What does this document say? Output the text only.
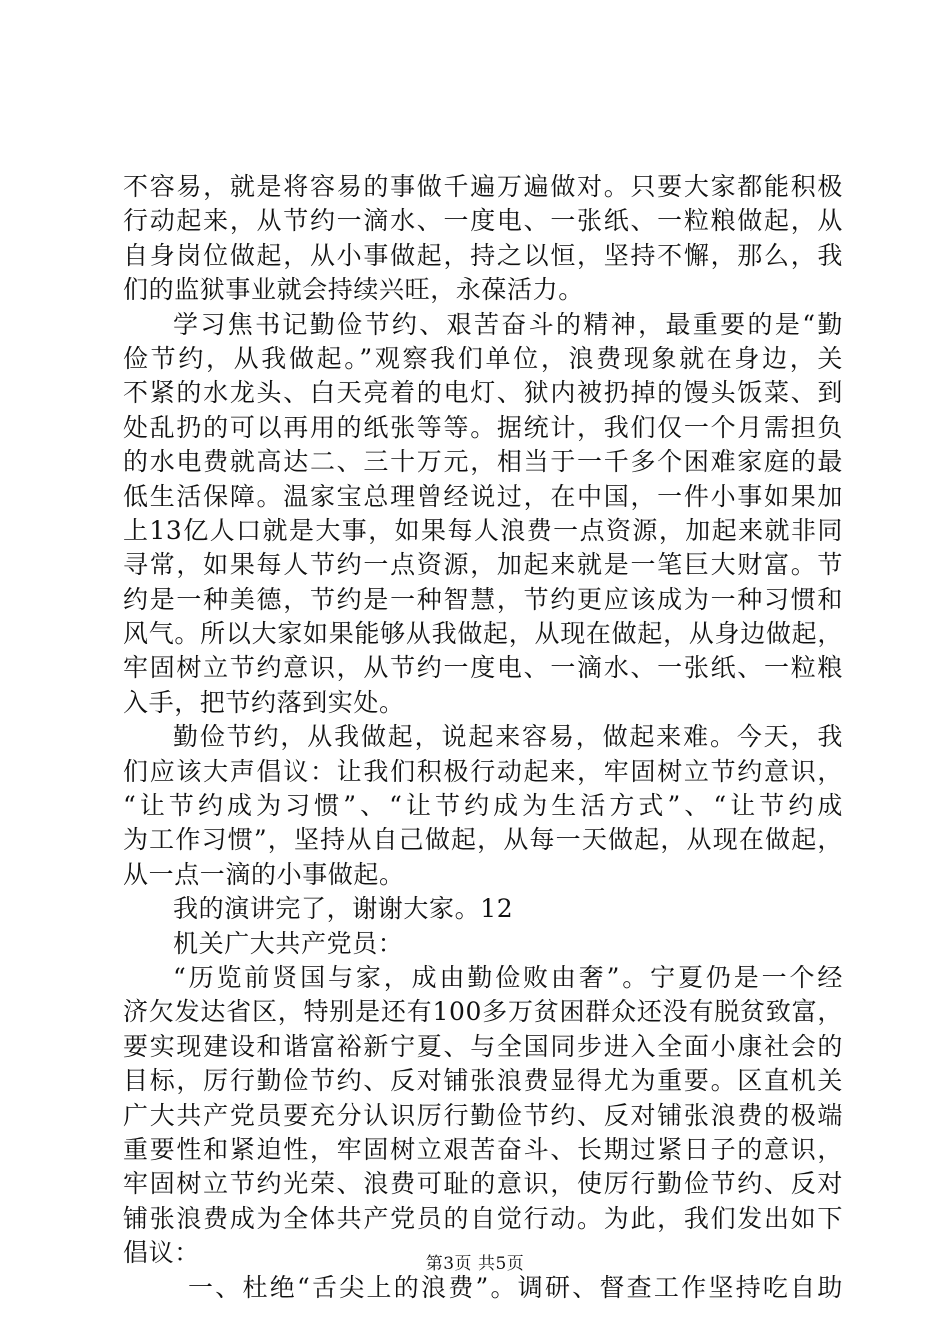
不容易，就是将容易的事做千遍万遍做对。只要大家都能积极
行动起来，从节约一滴水、一度电、一张纸、一粒粮做起，从
自身岗位做起，从小事做起，持之以恒，坚持不懈，那么，我
们的监狱事业就会持续兴旺，永葆活力。
学习焦书记勤俭节约、艰苦奋斗的精神，最重要的是“勤
俭节约，从我做起。”观察我们单位，浪费现象就在身边，关
不紧的水龙头、白天亮着的电灯、狱内被扔掉的馒头饭菜、到
处乱扔的可以再用的纸张等等。据统计，我们仅一个月需担负
的水电费就高达二、三十万元，相当于一千多个困难家庭的最
低生活保障。温家宝总理曾经说过，在中国，一件小事如果加
上13亿人口就是大事，如果每人浪费一点资源，加起来就非同
寻常，如果每人节约一点资源，加起来就是一笔巨大财富。节
约是一种美德，节约是一种智慧，节约更应该成为一种习惯和
风气。所以大家如果能够从我做起，从现在做起，从身边做起，
牢固树立节约意识，从节约一度电、一滴水、一张纸、一粒粮
入手，把节约落到实处。
勤俭节约，从我做起，说起来容易，做起来难。今天，我
们应该大声倡议：让我们积极行动起来，牢固树立节约意识，
“让节约成为习惯”、“让节约成为生活方式”、“让节约成
为工作习惯”，坚持从自己做起，从每一天做起，从现在做起，
从一点一滴的小事做起。
我的演讲完了，谢谢大家。12
机关广大共产党员：
“历览前贤国与家，成由勤俭败由奢”。宁夏仍是一个经
济欠发达省区，特别是还有100多万贫困群众还没有脱贫致富，
要实现建设和谐富裕新宁夏、与全国同步进入全面小康社会的
目标，厉行勤俭节约、反对铺张浪费显得尤为重要。区直机关
广大共产党员要充分认识厉行勤俭节约、反对铺张浪费的极端
重要性和紧迫性，牢固树立艰苦奋斗、长期过紧日子的意识，
牢固树立节约光荣、浪费可耻的意识，使厉行勤俭节约、反对
铺张浪费成为全体共产党员的自觉行动。为此，我们发出如下
倡议：
一、杜绝“舌尖上的浪费”。调研、督查工作坚持吃自助
第3页 共5页
